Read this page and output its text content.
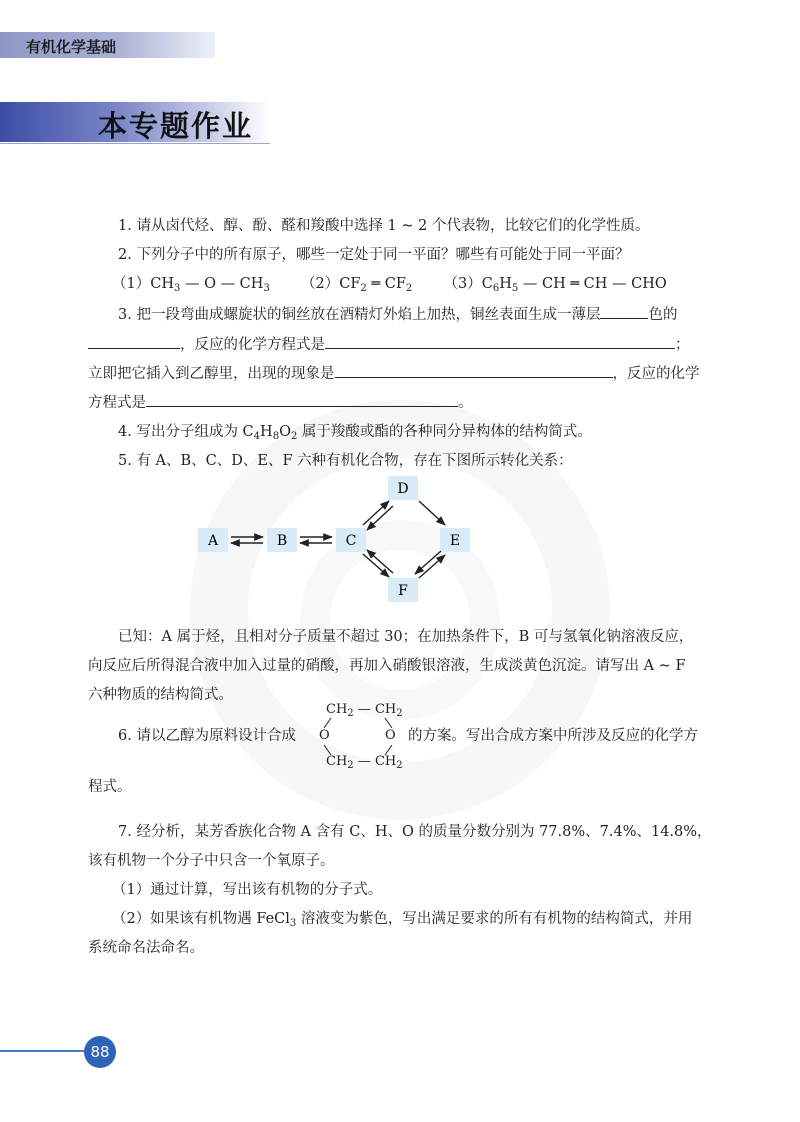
有机化学基础
本专题作业
1. 请从卤代烃、醇、酚、醛和羧酸中选择 1 ~ 2 个代表物，比较它们的化学性质。
2. 下列分子中的所有原子，哪些一定处于同一平面？哪些有可能处于同一平面？
$(1)CH_3$ — O — $CH_3$ $(2)CF_2$ ═ $CF_2$ $(3)C_6H_5$ — CH ═ CH — CHO
3. 把一段弯曲成螺旋状的铜丝放在酒精灯外焰上加热，铜丝表面生成一薄层	色的
，反应的化学方程式是	；
立即把它插入到乙醇里，出现的现象是	，反应的化学
方程式是	。
4. 写出分子组成为 $C_4H_8O_2$ 属于羧酸或酯的各种同分异构体的结构简式。
5. 有 A、B、C、D、E、F 六种有机化合物，存在下图所示转化关系：
A	B	C
D
E
F
已知：A 属于烃，且相对分子质量不超过 30；在加热条件下，B 可与氢氧化钠溶液反应，
向反应后所得混合液中加入过量的硝酸，再加入硝酸银溶液，生成淡黄色沉淀。请写出 A ~ F
六种物质的结构简式。
6. 请以乙醇为原料设计合成	的方案。写出合成方案中所涉及反应的化学方
$CH_2$ — $CH_2$
O	O
$CH_2$ — $CH_2$
程式。
7. 经分析，某芳香族化合物 A 含有 C、H、O 的质量分数分别为 77.8%、7.4%、14.8%，
该有机物一个分子中只含一个氧原子。
（1）通过计算，写出该有机物的分子式。
（2）如果该有机物遇 FeCl$_3$ 溶液变为紫色，写出满足要求的所有有机物的结构简式，并用
系统命名法命名。
88
